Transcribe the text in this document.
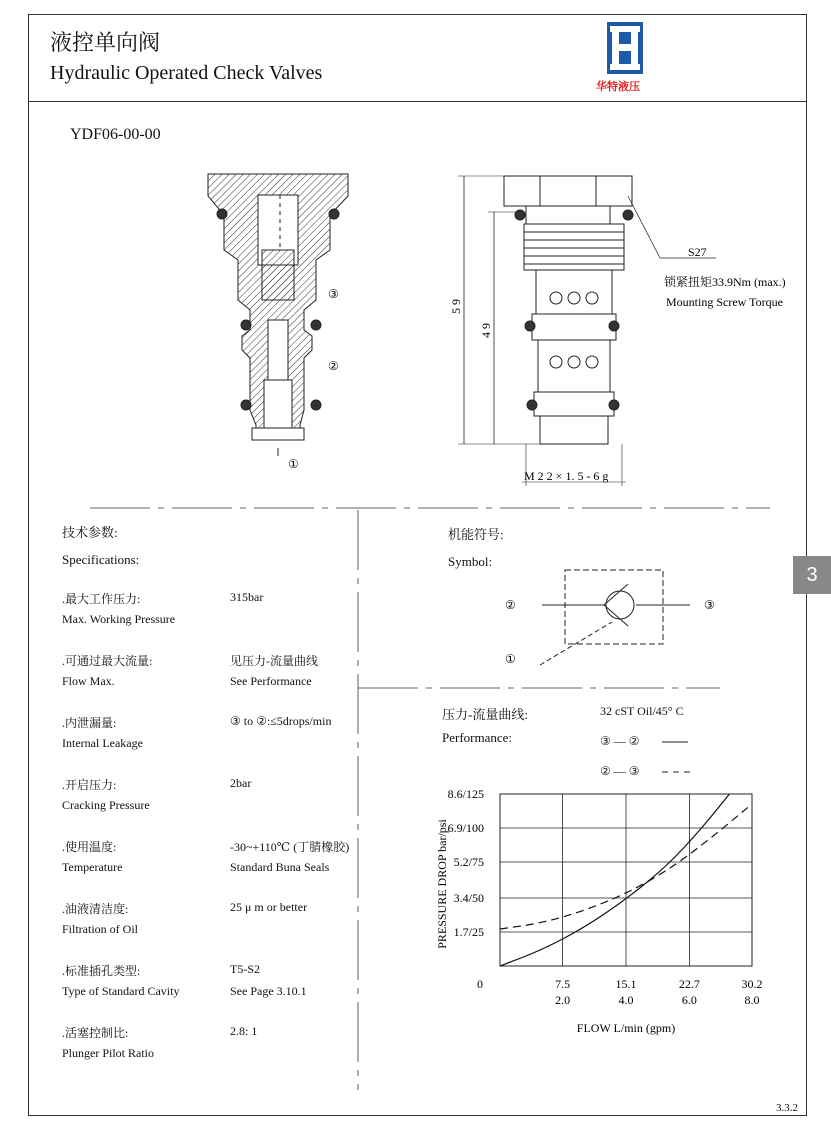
液控单向阀
Hydraulic Operated Check Valves
华特液压
YDF06-00-00
③
②
①
5 9
4 9
M 2 2 × 1. 5 - 6 g
S27
锁紧扭矩33.9Nm (max.)
Mounting Screw Torque
②	③
①
7.5
2.0
15.1
4.0
22.7
6.0
30.2
8.0
0
8.6/125
6.9/100
5.2/75
3.4/50
1.7/25
FLOW L/min (gpm)
PRESSURE DROP bar/psi
技术参数:
Specifications:
.最大工作压力:
Max. Working Pressure
315bar
.可通过最大流量:
Flow Max.
见压力-流量曲线
See Performance
.内泄漏量:
Internal Leakage
③ to ②:≤5drops/min
.开启压力:
Cracking Pressure
2bar
.使用温度:
Temperature
-30~+110℃ (丁腈橡胶)
Standard Buna Seals
.油液清洁度:
Filtration of Oil
25 μ m or better
.标准插孔类型:
Type of Standard Cavity
T5-S2
See Page 3.10.1
.活塞控制比:
Plunger Pilot Ratio
2.8: 1
机能符号:
Symbol:
压力-流量曲线:
Performance:
32 cST Oil/45° C
③ — ②
② — ③
3
3.3.2
